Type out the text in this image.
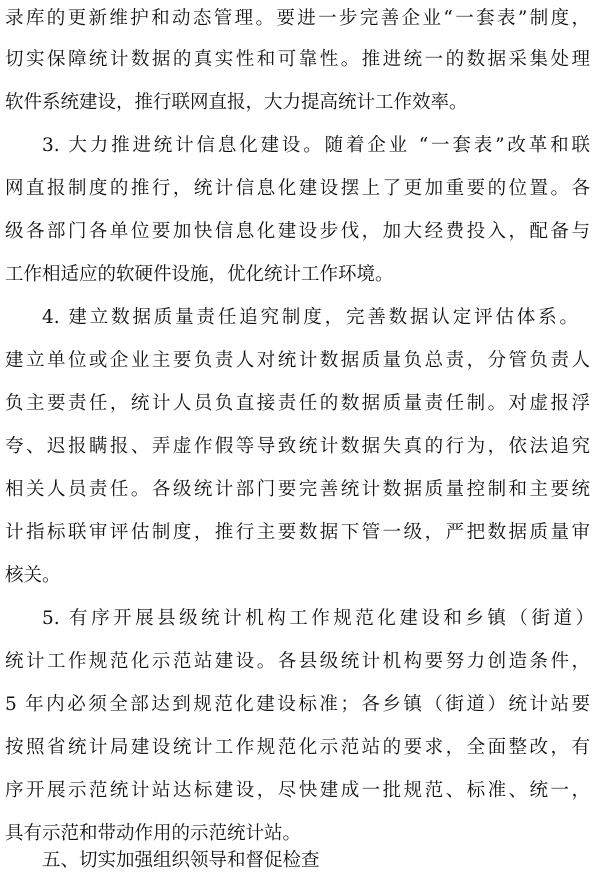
录库的更新维护和动态管理。要进一步完善企业“一套表”制度，
切实保障统计数据的真实性和可靠性。推进统一的数据采集处理
软件系统建设，推行联网直报，大力提高统计工作效率。
3. 大力推进统计信息化建设。随着企业 “一套表”改革和联
网直报制度的推行，统计信息化建设摆上了更加重要的位置。各
级各部门各单位要加快信息化建设步伐，加大经费投入，配备与
工作相适应的软硬件设施，优化统计工作环境。
4. 建立数据质量责任追究制度，完善数据认定评估体系。
建立单位或企业主要负责人对统计数据质量负总责，分管负责人
负主要责任，统计人员负直接责任的数据质量责任制。对虚报浮
夸、迟报瞒报、弄虚作假等导致统计数据失真的行为，依法追究
相关人员责任。各级统计部门要完善统计数据质量控制和主要统
计指标联审评估制度，推行主要数据下管一级，严把数据质量审
核关。
5. 有序开展县级统计机构工作规范化建设和乡镇（街道）
统计工作规范化示范站建设。各县级统计机构要努力创造条件，
5 年内必须全部达到规范化建设标准；各乡镇（街道）统计站要
按照省统计局建设统计工作规范化示范站的要求，全面整改，有
序开展示范统计站达标建设，尽快建成一批规范、标准、统一，
具有示范和带动作用的示范统计站。
五、切实加强组织领导和督促检查
